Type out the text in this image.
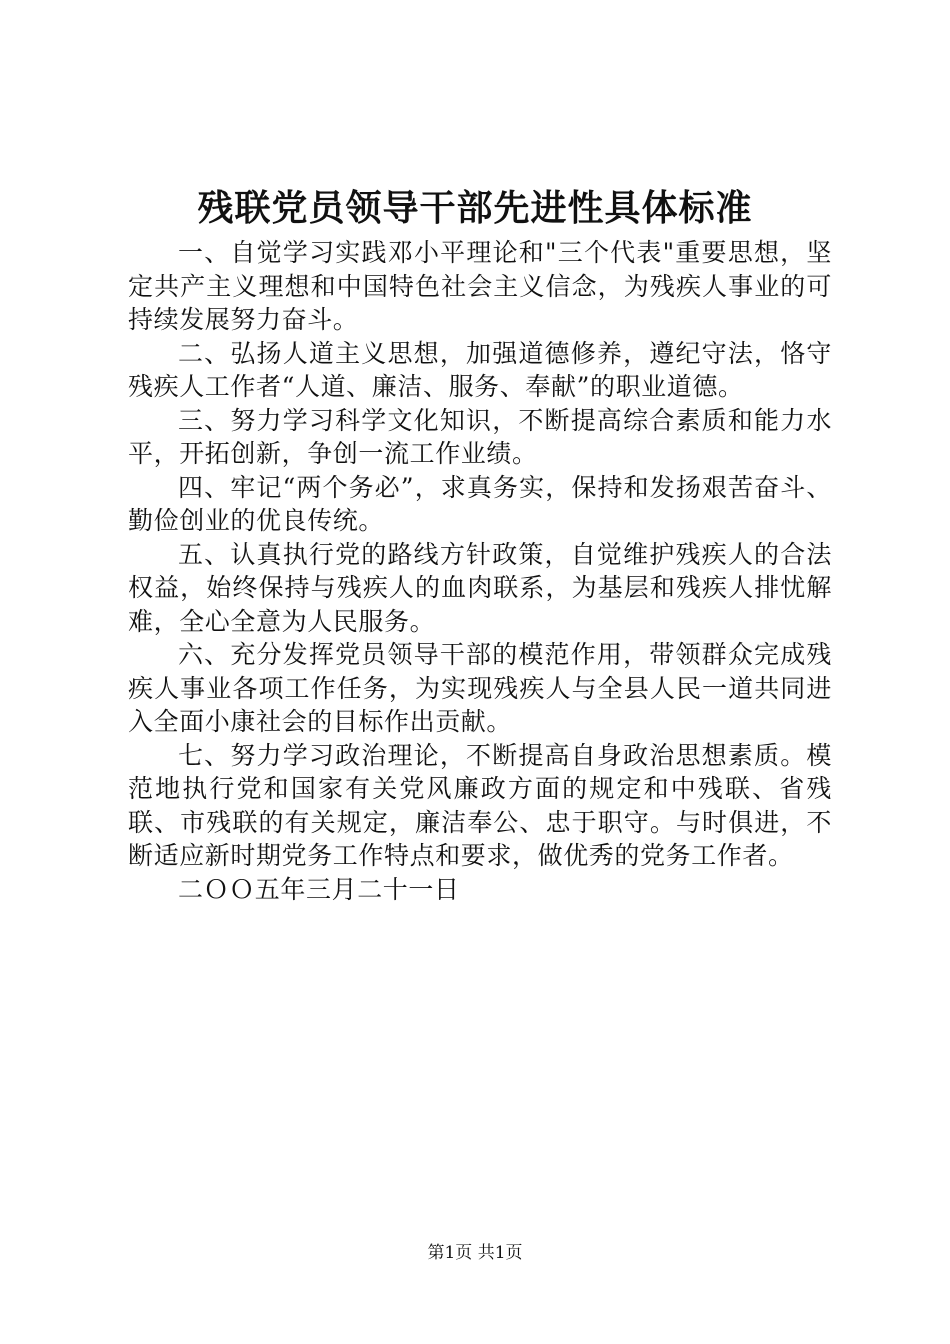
残联党员领导干部先进性具体标准

一、自觉学习实践邓小平理论和"三个代表"重要思想，坚定共产主义理想和中国特色社会主义信念，为残疾人事业的可持续发展努力奋斗。

二、弘扬人道主义思想，加强道德修养，遵纪守法，恪守残疾人工作者“人道、廉洁、服务、奉献”的职业道德。

三、努力学习科学文化知识，不断提高综合素质和能力水平，开拓创新，争创一流工作业绩。

四、牢记“两个务必”，求真务实，保持和发扬艰苦奋斗、勤俭创业的优良传统。

五、认真执行党的路线方针政策，自觉维护残疾人的合法权益，始终保持与残疾人的血肉联系，为基层和残疾人排忧解难，全心全意为人民服务。

六、充分发挥党员领导干部的模范作用，带领群众完成残疾人事业各项工作任务，为实现残疾人与全县人民一道共同进入全面小康社会的目标作出贡献。

七、努力学习政治理论，不断提高自身政治思想素质。模范地执行党和国家有关党风廉政方面的规定和中残联、省残联、市残联的有关规定，廉洁奉公、忠于职守。与时俱进，不断适应新时期党务工作特点和要求，做优秀的党务工作者。

二ＯＯ五年三月二十一日

第1页 共1页
